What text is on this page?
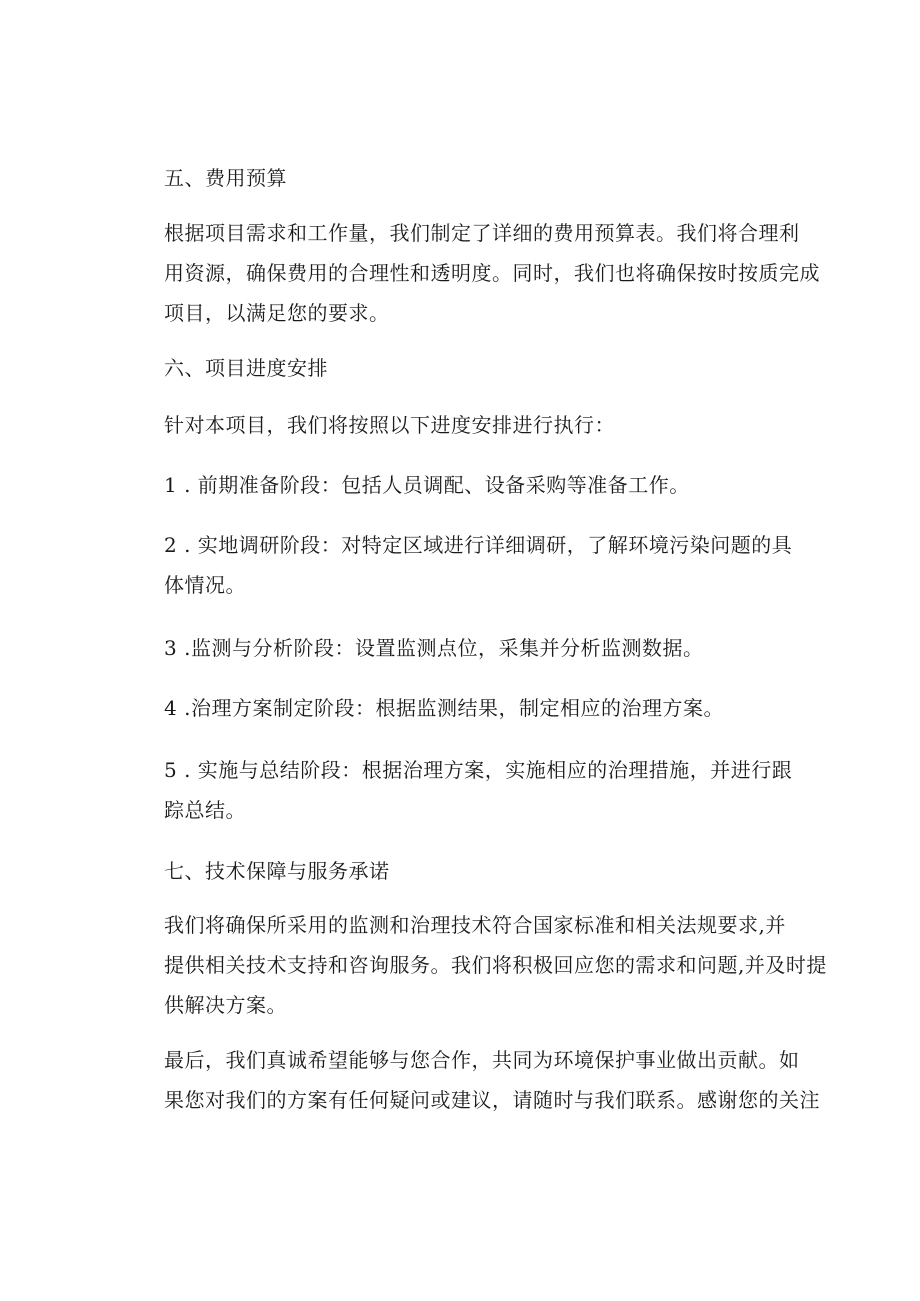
五、费用预算
根据项目需求和工作量，我们制定了详细的费用预算表。我们将合理利
用资源，确保费用的合理性和透明度。同时，我们也将确保按时按质完成
项目，以满足您的要求。
六、项目进度安排
针对本项目，我们将按照以下进度安排进行执行：
1 . 前期准备阶段：包括人员调配、设备采购等准备工作。
2 . 实地调研阶段：对特定区域进行详细调研，了解环境污染问题的具
体情况。
3 .监测与分析阶段：设置监测点位，采集并分析监测数据。
4 .治理方案制定阶段：根据监测结果，制定相应的治理方案。
5 . 实施与总结阶段：根据治理方案，实施相应的治理措施，并进行跟
踪总结。
七、技术保障与服务承诺
我们将确保所采用的监测和治理技术符合国家标准和相关法规要求,并
提供相关技术支持和咨询服务。我们将积极回应您的需求和问题,并及时提
供解决方案。
最后，我们真诚希望能够与您合作，共同为环境保护事业做出贡献。如
果您对我们的方案有任何疑问或建议，请随时与我们联系。感谢您的关注
